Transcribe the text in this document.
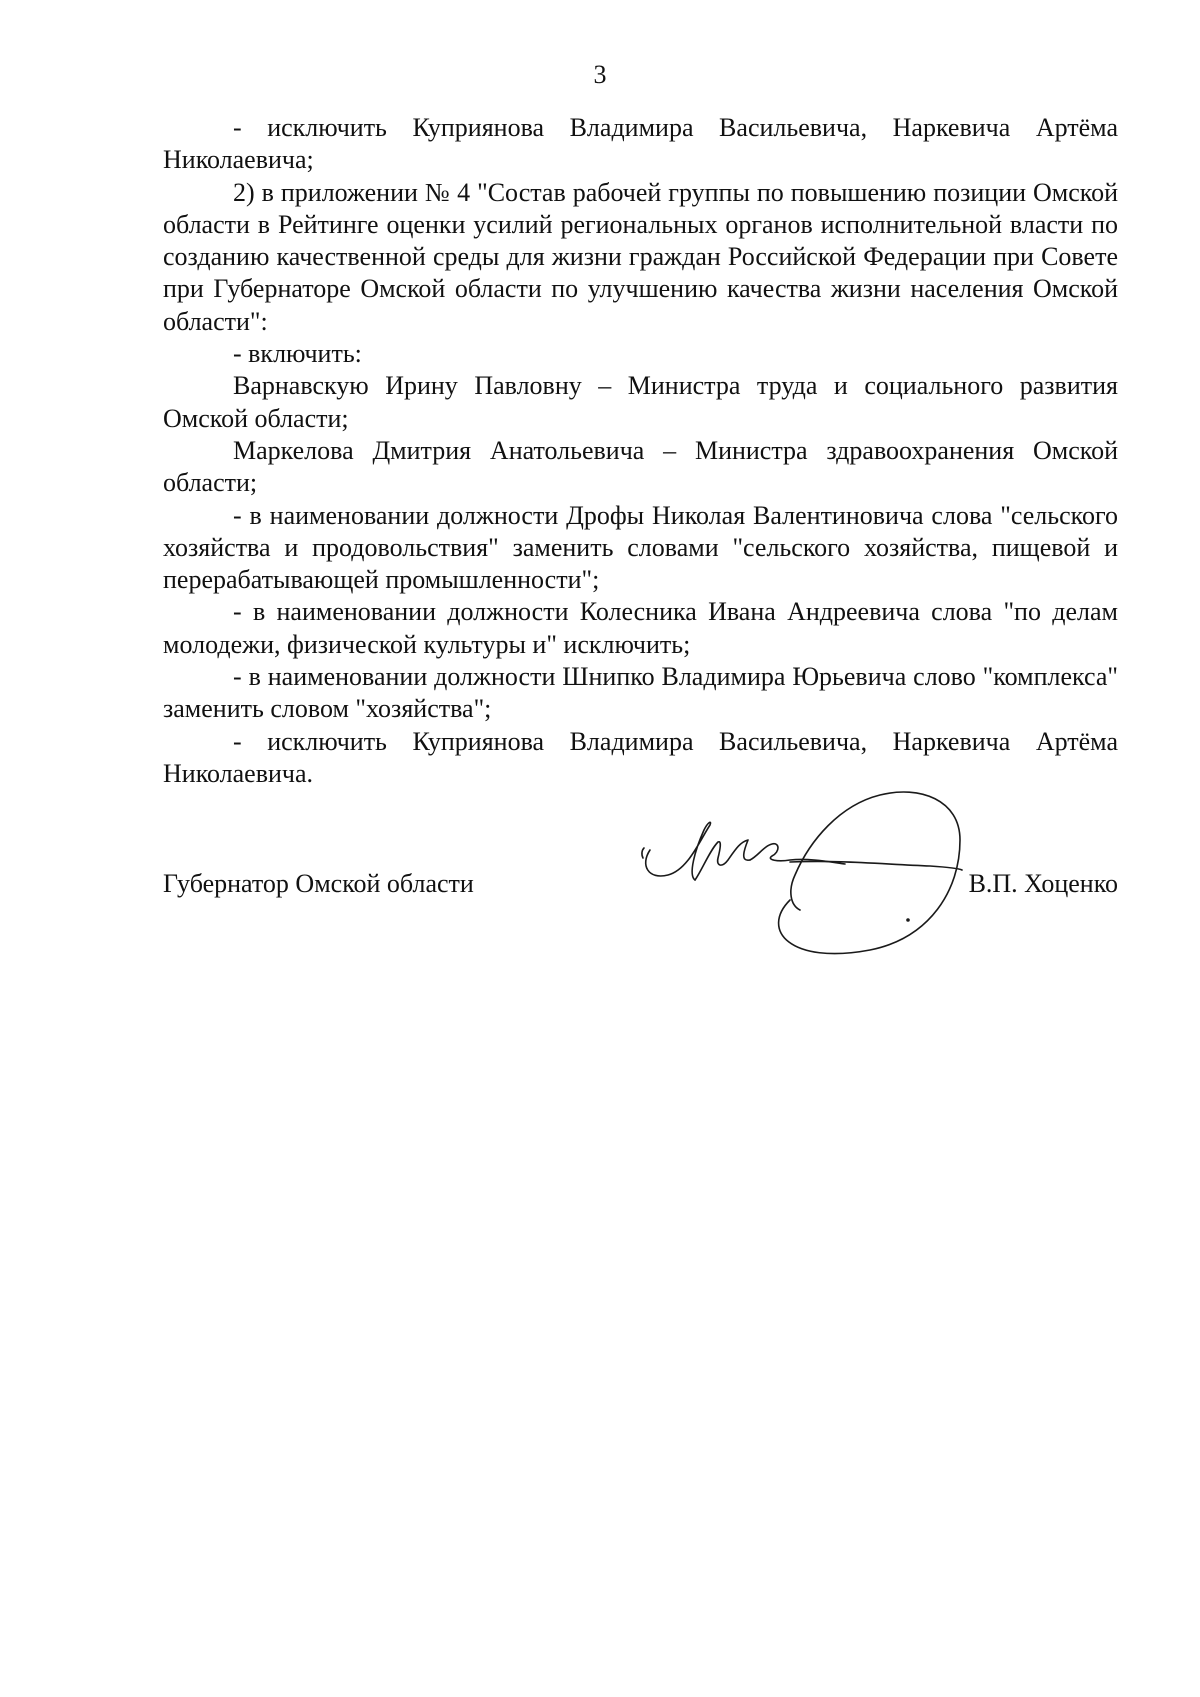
3

- исключить Куприянова Владимира Васильевича, Наркевича Артёма Николаевича;

2) в приложении № 4 "Состав рабочей группы по повышению позиции Омской области в Рейтинге оценки усилий региональных органов исполнительной власти по созданию качественной среды для жизни граждан Российской Федерации при Совете при Губернаторе Омской области по улучшению качества жизни населения Омской области":

- включить:

Варнавскую Ирину Павловну – Министра труда и социального развития Омской области;

Маркелова Дмитрия Анатольевича – Министра здравоохранения Омской области;

- в наименовании должности Дрофы Николая Валентиновича слова "сельского хозяйства и продовольствия" заменить словами "сельского хозяйства, пищевой и перерабатывающей промышленности";

- в наименовании должности Колесника Ивана Андреевича слова "по делам молодежи, физической культуры и" исключить;

- в наименовании должности Шнипко Владимира Юрьевича слово "комплекса" заменить словом "хозяйства";

- исключить Куприянова Владимира Васильевича, Наркевича Артёма Николаевича.

Губернатор Омской области	В.П. Хоценко
